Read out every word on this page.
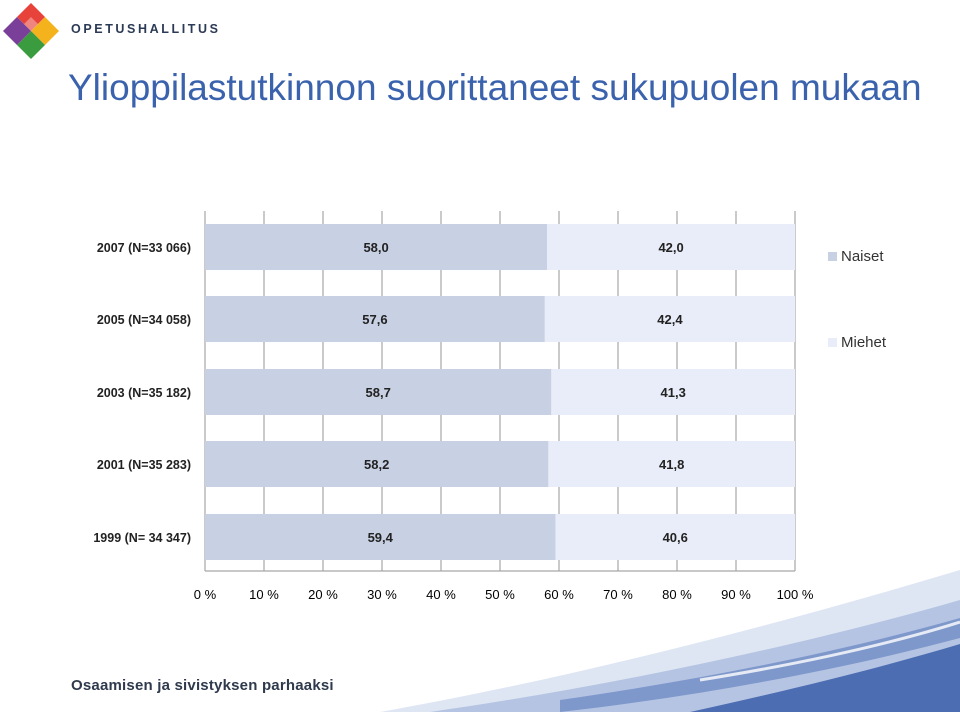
OPETUSHALLITUS
Ylioppilastutkinnon suorittaneet sukupuolen mukaan
Osaamisen ja sivistyksen parhaaksi
58,0	42,0
57,6	42,4
58,7	41,3
58,2	41,8
59,4	40,6
0 %	10 % 20 % 30 % 40 % 50 % 60 % 70 % 80 % 90 % 100 %
2007 (N=33 066)
2005 (N=34 058)
2003 (N=35 182)
2001 (N=35 283)
1999 (N= 34 347)
Naiset
Miehet
